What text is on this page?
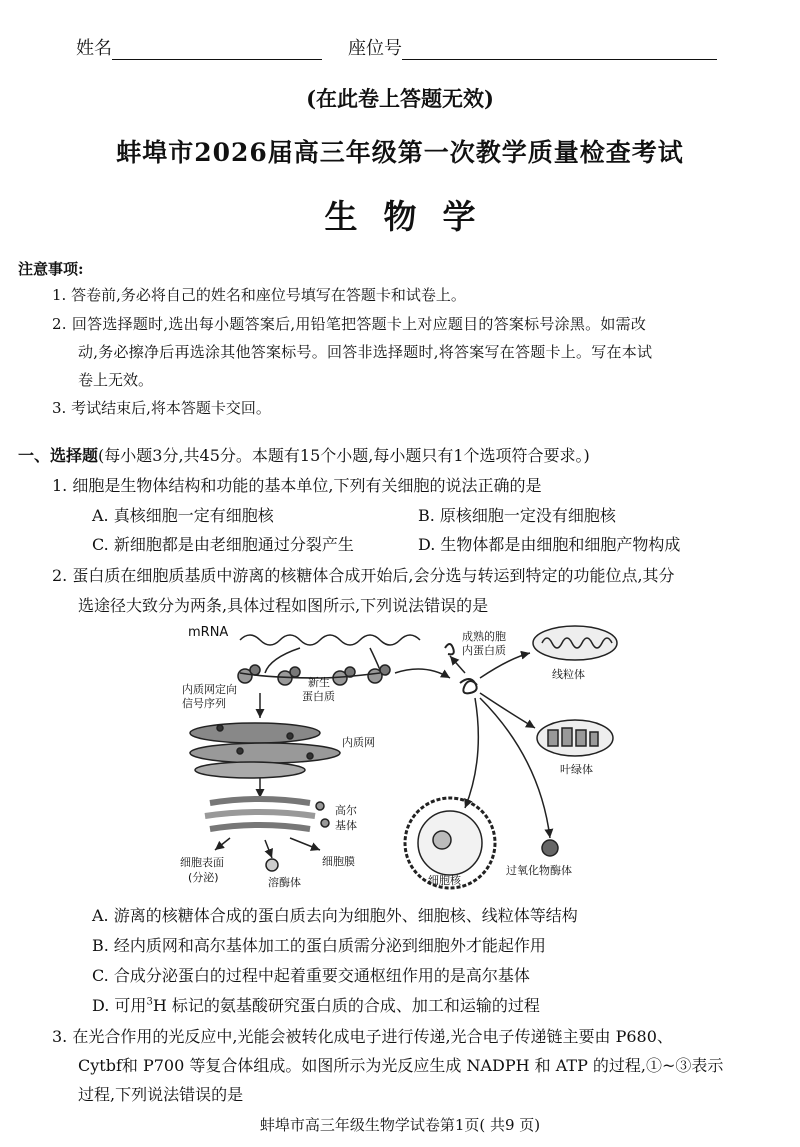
姓名	座位号
(在此卷上答题无效)
蚌埠市2026届高三年级第一次教学质量检查考试
生物学
注意事项:
1. 答卷前,务必将自己的姓名和座位号填写在答题卡和试卷上。
2. 回答选择题时,选出每小题答案后,用铅笔把答题卡上对应题目的答案标号涂黑。如需改
动,务必擦净后再选涂其他答案标号。回答非选择题时,将答案写在答题卡上。写在本试
卷上无效。
3. 考试结束后,将本答题卡交回。
一、选择题(每小题3分,共45分。本题有15个小题,每小题只有1个选项符合要求。)
1. 细胞是生物体结构和功能的基本单位,下列有关细胞的说法正确的是
A. 真核细胞一定有细胞核	B. 原核细胞一定没有细胞核
C. 新细胞都是由老细胞通过分裂产生	D. 生物体都是由细胞和细胞产物构成
2. 蛋白质在细胞质基质中游离的核糖体合成开始后,会分选与转运到特定的功能位点,其分
选途径大致分为两条,具体过程如图所示,下列说法错误的是
mRNA
新生
蛋白质
内质网定向
信号序列
内质网
高尔
基体
细胞表面
(分泌)
细胞膜
溶酶体	细胞核
成熟的胞
内蛋白质
线粒体
叶绿体
过氧化物酶体
A. 游离的核糖体合成的蛋白质去向为细胞外、细胞核、线粒体等结构
B. 经内质网和高尔基体加工的蛋白质需分泌到细胞外才能起作用
C. 合成分泌蛋白的过程中起着重要交通枢纽作用的是高尔基体
D. 可用$^3$H 标记的氨基酸研究蛋白质的合成、加工和运输的过程
3. 在光合作用的光反应中,光能会被转化成电子进行传递,光合电子传递链主要由 P680、
Cytbf和 P700 等复合体组成。如图所示为光反应生成 NADPH 和 ATP 的过程,①~③表示
过程,下列说法错误的是
蚌埠市高三年级生物学试卷第1页( 共9 页)
